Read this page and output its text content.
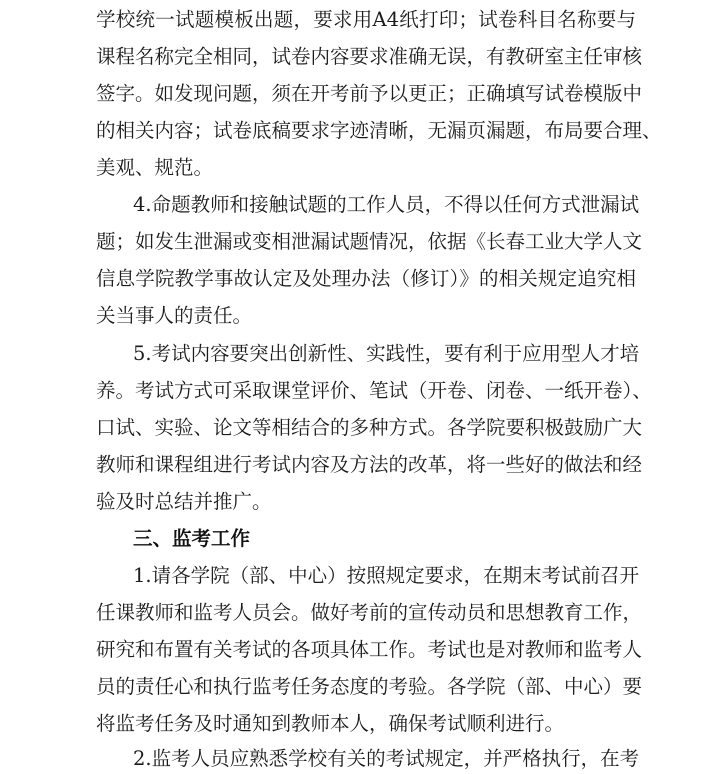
学校统一试题模板出题，要求用A4纸打印；试卷科目名称要与
课程名称完全相同，试卷内容要求准确无误，有教研室主任审核
签字。如发现问题，须在开考前予以更正；正确填写试卷模版中
的相关内容；试卷底稿要求字迹清晰，无漏页漏题，布局要合理、
美观、规范。
4.命题教师和接触试题的工作人员，不得以任何方式泄漏试
题；如发生泄漏或变相泄漏试题情况，依据《长春工业大学人文
信息学院教学事故认定及处理办法（修订）》的相关规定追究相
关当事人的责任。
5.考试内容要突出创新性、实践性，要有利于应用型人才培
养。考试方式可采取课堂评价、笔试（开卷、闭卷、一纸开卷）、
口试、实验、论文等相结合的多种方式。各学院要积极鼓励广大
教师和课程组进行考试内容及方法的改革，将一些好的做法和经
验及时总结并推广。
三、监考工作
1.请各学院（部、中心）按照规定要求，在期末考试前召开
任课教师和监考人员会。做好考前的宣传动员和思想教育工作，
研究和布置有关考试的各项具体工作。考试也是对教师和监考人
员的责任心和执行监考任务态度的考验。各学院（部、中心）要
将监考任务及时通知到教师本人，确保考试顺利进行。
2.监考人员应熟悉学校有关的考试规定，并严格执行，在考
